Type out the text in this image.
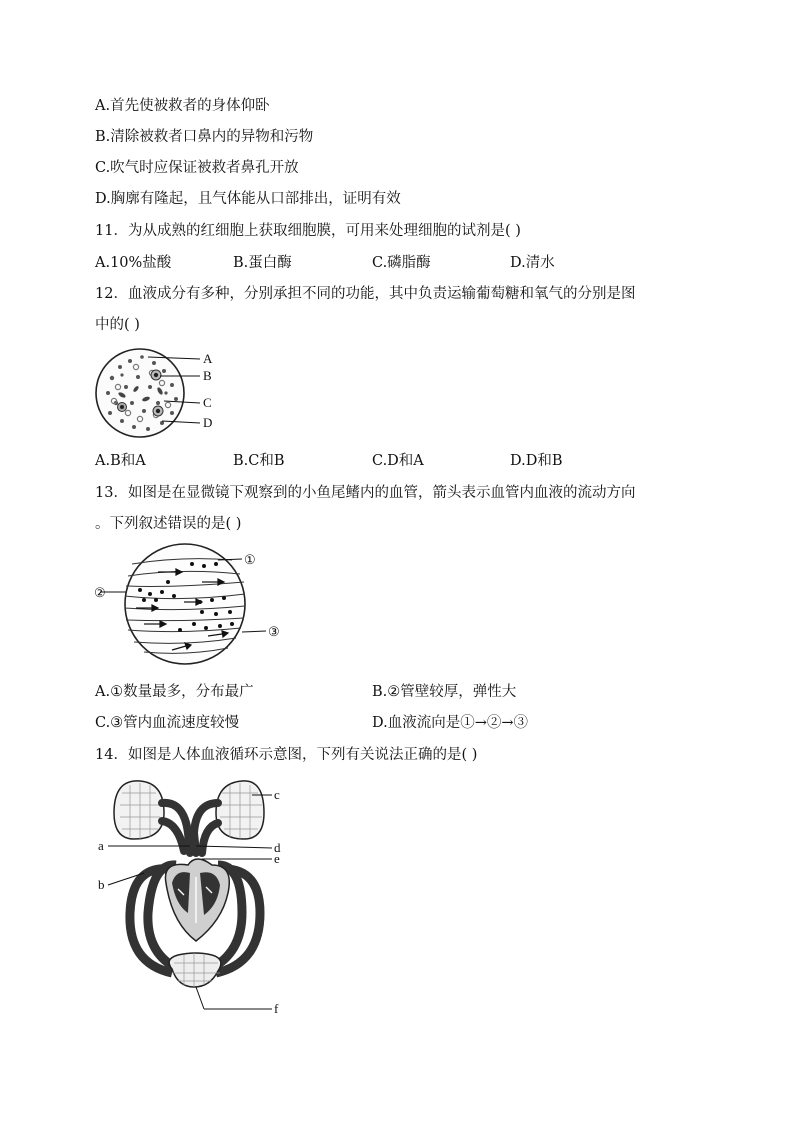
A.首先使被救者的身体仰卧
B.清除被救者口鼻内的异物和污物
C.吹气时应保证被救者鼻孔开放
D.胸廓有隆起，且气体能从口部排出，证明有效
11．为从成熟的红细胞上获取细胞膜，可用来处理细胞的试剂是( )
A.10%盐酸	B.蛋白酶	C.磷脂酶	D.清水
12．血液成分有多种，分别承担不同的功能，其中负责运输葡萄糖和氧气的分别是图
中的( )
A
B
C
D
A.B和A	B.C和B	C.D和A	D.D和B
13．如图是在显微镜下观察到的小鱼尾鳍内的血管，箭头表示血管内血液的流动方向
。下列叙述错误的是( )
①
②
③
A.①数量最多，分布最广	B.②管壁较厚，弹性大
C.③管内血流速度较慢	D.血液流向是①→②→③
14．如图是人体血液循环示意图，下列有关说法正确的是( )
c
a	d
e
b
f
